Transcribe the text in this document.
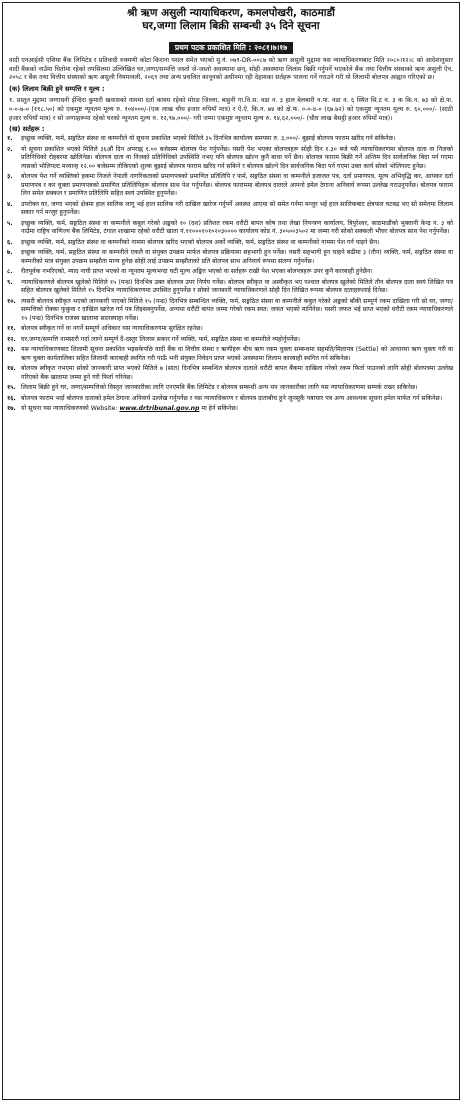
श्री ऋण असुली न्यायाधिकरण, कमलपोखरी, काठमाडौं
घर,जग्गा लिलाम बिक्री सम्बन्धी ३५ दिने सूचना
प्रथम पटक प्रकाशित मिति : २०८१।७।१७
वादी एनआईसी एशिया बैंक लिमिटेड र प्रतिवादी रुक्मणी कोटा किराना पसल समेत भएको मु.नं. ०७९-DR-००८७ को ऋण असुली मुद्दामा यस न्यायाधिकरणबाट मिति २०८०।१२।८ को आदेशानुसार वादी बैंकको नाउँमा धितोमा रहेको तपसिलमा उल्लिखित घर,जग्गा/सम्पत्ति जस्तो जे-जस्तो अवस्थामा छन्, सोही अवस्थामा लिलाम बिक्री गर्नुपर्ने भएकोले बैंक तथा वित्तीय संस्थाको ऋण असुली ऐन, २०५८ र बैंक तथा वित्तीय संस्थाको ऋण असुली नियमावली, २०६९ तथा अन्य प्रचलित कानूनको अधीनमा रही देहायका सर्तहरू पालना गर्ने गराउने गरी यो लिलामी बोलपत्र आह्वान गरिएको छ।
(क) लिलाम बिक्री हुने सम्पत्ति र मूल्य :
१. प्रस्तुत मुद्दामा जग्गाधनी ईन्दिरा कुमारी खवासको नाममा दर्ता कायम रहेको मोरङ जिल्ला, बाहुनी गा.वि.स. वडा न. ३ हाल बेलबारी न.पा. वडा न. ६ स्थित सि.ट न. ३ क कि.न. ७३ को क्षे.फ. ०-०-७-० (११८.५०) को एकमुष्ट न्यूनतम मूल्य रु. १०४०००/-(एक लाख चौध हजार रुपियाँ मात्र) र ऐ.ऐ. कि.न. ७४ को क्षे.फ. ०-०-४-० (६७.७२) को एकमुष्ट न्यूनतम मूल्य रु. ६०,०००/- (साठी हजार रुपियाँ मात्र) र सो जग्गाहरूमा रहेको घरको न्यूनतम मूल्य रु. १२,९७,०००/- गरी जम्मा एकमुष्ट न्यूनतम मूल्य रु. १४,६२,०००/- (चौध लाख बैसट्ठी हजार रुपियाँ मात्र)।
(ख) सर्तहरू :
१.	इच्छुक व्यक्ति, फर्म, सङ्गठित संस्था वा कम्पनीले यो सूचना प्रकाशित भएको मितिले ३५ दिनभित्र कार्यालय समयमा रु. ३,०००/- बुझाई बोलपत्र फाराम खरिद गर्न सकिनेछ।
२.	यो सूचना प्रकाशित भएको मितिले ३६औं दिन अपराह्न १.०० बजेसम्म बोलपत्र पेश गर्नुपर्नेछ। यसरी पेश भएका बोलपत्रहरू सोही दिन १.३० बजे यसै न्यायाधिकरणमा बोलपत्र दाता वा निजको प्रतिनिधिको रोहबरमा खोलिनेछ। बोलपत्र दाता वा निजको प्रतिनिधिको उपस्थिति नभए पनि बोलपत्र खोल्न कुनै बाधा पर्ने छैन। बोलपत्र फाराम बिक्री गर्ने अन्तिम दिन सार्वजनिक बिदा पर्न गएमा त्यसको भोलिपल्ट मध्यान्ह १२.०० बजेसम्म तोकिएको शुल्क बुझाई बोलपत्र फाराम खरिद गर्न सकिने र बोलपत्र खोल्ने दिन सार्वजनिक बिदा पर्न गएमा उक्त कार्य सोको भोलिपल्ट हुनेछ।
३.	बोलपत्र पेश गर्ने व्यक्तिको हकमा निजले नेपाली नागरिकताको प्रमाणपत्रको प्रमाणित प्रतिलिपि र फर्म, सङ्गठित संस्था वा कम्पनीले इजाजत पत्र, दर्ता प्रमाणपत्र, मूल्य अभिवृद्धि कर, आयकर दर्ता प्रमाणपत्र र कर चुक्ता प्रमाणपत्रको प्रमाणित प्रतिलिपिहरू बोलपत्र साथ पेश गर्नुपर्नेछ। बोलपत्र फाराममा बोलपत्र दाताले आफ्नो इमेल ठेगाना अनिवार्य रूपमा उल्लेख गराउनुपर्नेछ। बोलपत्र फाराम लिन समेत सक्कल र प्रमाणित प्रतिलिपि सहित स्वयं उपस्थित हुनुपर्नेछ।
४.	उपरोक्त घर, जग्गा भएको क्षेत्रमा हाल सालिक लागू भई हाल सालिक गरी दाखिल खारेज गर्नुपर्ने अवस्था आएमा सो समेत गर्नमा मन्जुर भई हाल सालिकबाट क्षेत्रफल घटबढ भए सो समेतमा लिलाम सकार गर्न मन्जुर हुनुपर्नेछ।
५.	इच्छुक व्यक्ति, फर्म, सङ्गठित संस्था वा कम्पनीले कबुल गरेको अङ्कको १० (दश) प्रतिशत रकम धरौटी बापत कोष तथा लेखा नियन्त्रण कार्यालय, त्रिपुरेश्वर, काठमाडौंको भुक्तानी केन्द्र न. ३ को नाउँमा राष्ट्रिय वाणिज्य बैंक लिमिटेड, टंगाल शाखामा रहेको धरौटी खाता नं.११०००१०१०२०३०००० कार्यालय कोड नं. ३०५००३५०२ मा जम्मा गरी सोको सक्कली भौचर बोलपत्र साथ पेश गर्नुपर्नेछ।
६.	इच्छुक व्यक्ति, फर्म, सङ्गठित संस्था वा कम्पनीको नाममा बोलपत्र खरिद भएको बोलपत्र अर्को व्यक्ति, फर्म, सङ्गठित संस्था वा कम्पनीको नाममा पेश गर्न पाइने छैन।
७.	इच्छुक व्यक्ति, फर्म, सङ्गठित संस्था वा कम्पनीले एकलै वा संयुक्त उपक्रम मार्फत बोलपत्र प्रक्रियामा सहभागी हुन पर्नेछ। यसरी सहभागी हुन चाहने बढीमा ३ (तीन) व्यक्ति, फर्म, सङ्गठित संस्था वा कम्पनीको मात्र संयुक्त उपक्रम सम्झौता मान्य हुनेछ सोही लाई उपक्रम सम्झौताको प्रति बोलपत्र साथ अनिवार्य रूपमा संलग्न गर्नुपर्नेछ।
८.	रीतपूर्वक नभरिएको, म्याद नाघी प्राप्त भएको वा न्यूनतम मूल्यभन्दा घटी मूल्य अङ्कित भएको वा सर्तहरू राखी पेश भएका बोलपत्रहरू उपर कुनै कारबाही हुनेछैन।
९.	न्यायाधिकरणले बोलपत्र खुलेको मितिले १५ (पन्ध्र) दिनभित्र उक्त बोलपत्र उपर निर्णय गर्नेछ। बोलपत्र स्वीकृत वा अस्वीकृत भए पश्चात बोलपत्र खुलेको मितिले तीन बोलपत्र दाता स्वयं लिखित पत्र सहित बोलपत्र खुलेको मितिले १५ दिनभित्र न्यायाधिकरणमा उपस्थित हुनुपर्नेछ र सोको जानकारी न्यायाधिकरणले सोही दिन लिखित रूपमा बोलपत्र दाताहरूलाई दिनेछ।
१०. त्यसरी बोलपत्र स्वीकृत भएको जानकारी पाएको मितिले १५ (पन्ध्र) दिनभित्र सम्बन्धित व्यक्ति, फर्म, सङ्गठित संस्था वा कम्पनीले कबुल गरेको अङ्कको बाँकी सम्पूर्ण रकम दाखिला गरी सो घर, जग्गा/सम्पत्तिको रोक्का फुकुवा र दाखिल खारेज गर्न पत्र लिइसक्नुपर्नेछ, अन्यथा धरौटी बापत जम्मा गरेको रकम स्वत: जफत भएको मानिनेछ। यसरी जफत भई प्राप्त भएको धरौटी रकम न्यायाधिकरणले १५ (पन्ध्र) दिनभित्र राजस्व खातामा सदरस्याहा गर्नेछ।
११. बोलपत्र स्वीकृत गर्ने वा नगर्ने सम्पूर्ण अधिकार यस न्यायाधिकरणमा सुरक्षित रहनेछ।
१२. घर,जग्गा/सम्पत्ति नामसारी गर्दा लाग्ने सम्पूर्ण दै-दस्तुर लिलाम सकार गर्ने व्यक्ति, फर्म, सङ्गठित संस्था वा कम्पनीले व्यहोर्नुपर्नेछ।
१३. यस न्यायाधिकरणबाट लिलामी सूचना प्रकाशित भइसकेपछि वादी बैंक वा वित्तीय संस्था र ऋणीहरू बीच ऋण रकम चुक्ता सम्बन्धमा सहमति/मिलापत्र (Settle) को आधारमा ऋण चुक्ता गरी वा ऋण चुक्ता कार्यतालिका सहित लिलामी कारबाही स्थगित गरी पाऊँ भनी संयुक्त निवेदन प्राप्त भएको अवस्थामा लिलाम कारबाही स्थगित गर्न सकिनेछ।
१४. बोलपत्र स्वीकृत नभएमा सोको जानकारी प्राप्त भएको मितिले ७ (सात) दिनभित्र सम्बन्धित बोलपत्र दाताले धरौटी बापत बैंकमा दाखिला गरेको रकम फिर्ता पाउनको लागि सोही बोलपत्रमा उल्लेख गरिएको बैंक खातामा जम्मा हुने गरी फिर्ता गरिनेछ।
१५. लिलाम बिक्री हुने घर, जग्गा/सम्पत्तिको विस्तृत जानकारीका लागि एनएमबि बैंक लिमिटेड र बोलपत्र सम्बन्धी अन्य थप जानकारीका लागि यस न्यायाधिकरणमा सम्पर्क राख्न सकिनेछ।
१६. बोलपत्र फाराम भर्दा बोलपत्र दाताको इमेल ठेगाना अनिवार्य उल्लेख गर्नुपर्नेछ र यस न्यायाधिकरण र बोलपत्र दाताबीच हुने जुनसुकै पत्राचार पत्र अन्य आवश्यक सूचना इमेल मार्फत गर्न सकिनेछ।
१७. यो सूचना यस न्यायाधिकरणको Website: www.drtribunal.gov.np मा हेर्न सकिनेछ।
